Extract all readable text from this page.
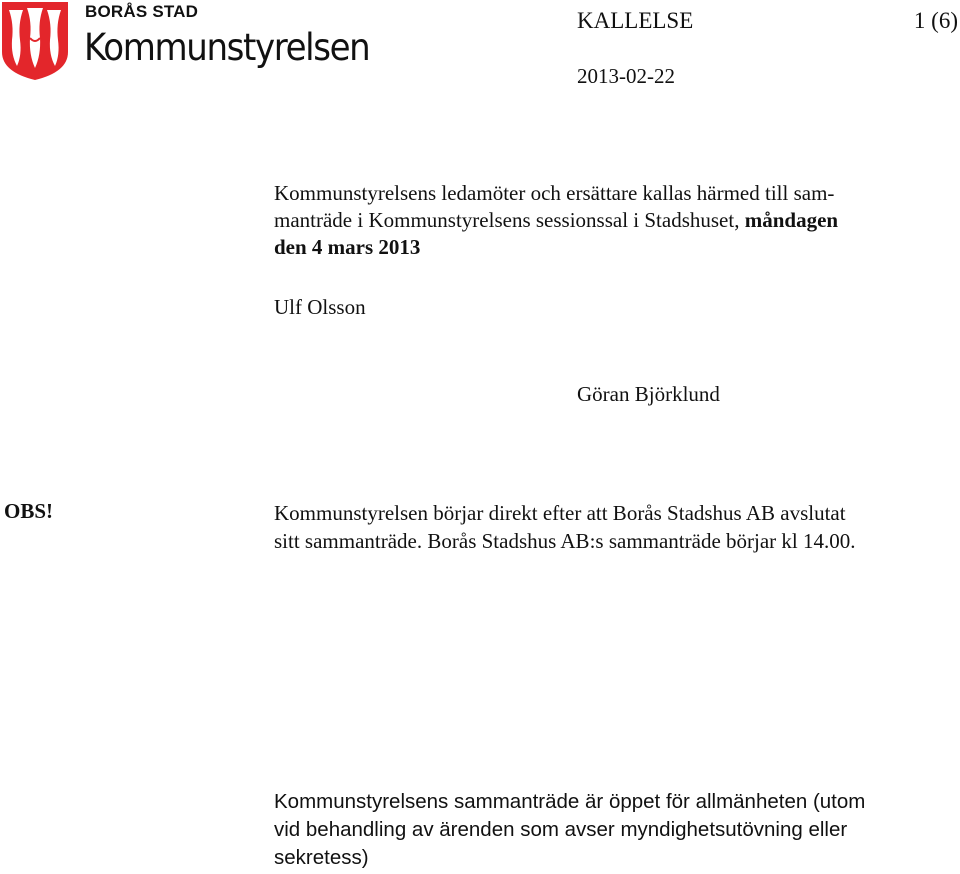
BORÅS STAD
Kommunstyrelsen
KALLELSE	1 (6)
2013-02-22
Kommunstyrelsens ledamöter och ersättare kallas härmed till sam-
manträde i Kommunstyrelsens sessionssal i Stadshuset, måndagen
den 4 mars 2013
Ulf Olsson
Göran Björklund
OBS!	Kommunstyrelsen börjar direkt efter att Borås Stadshus AB avslutat
sitt sammanträde. Borås Stadshus AB:s sammanträde börjar kl 14.00.
Kommunstyrelsens sammanträde är öppet för allmänheten (utom
vid behandling av ärenden som avser myndighetsutövning eller
sekretess)
